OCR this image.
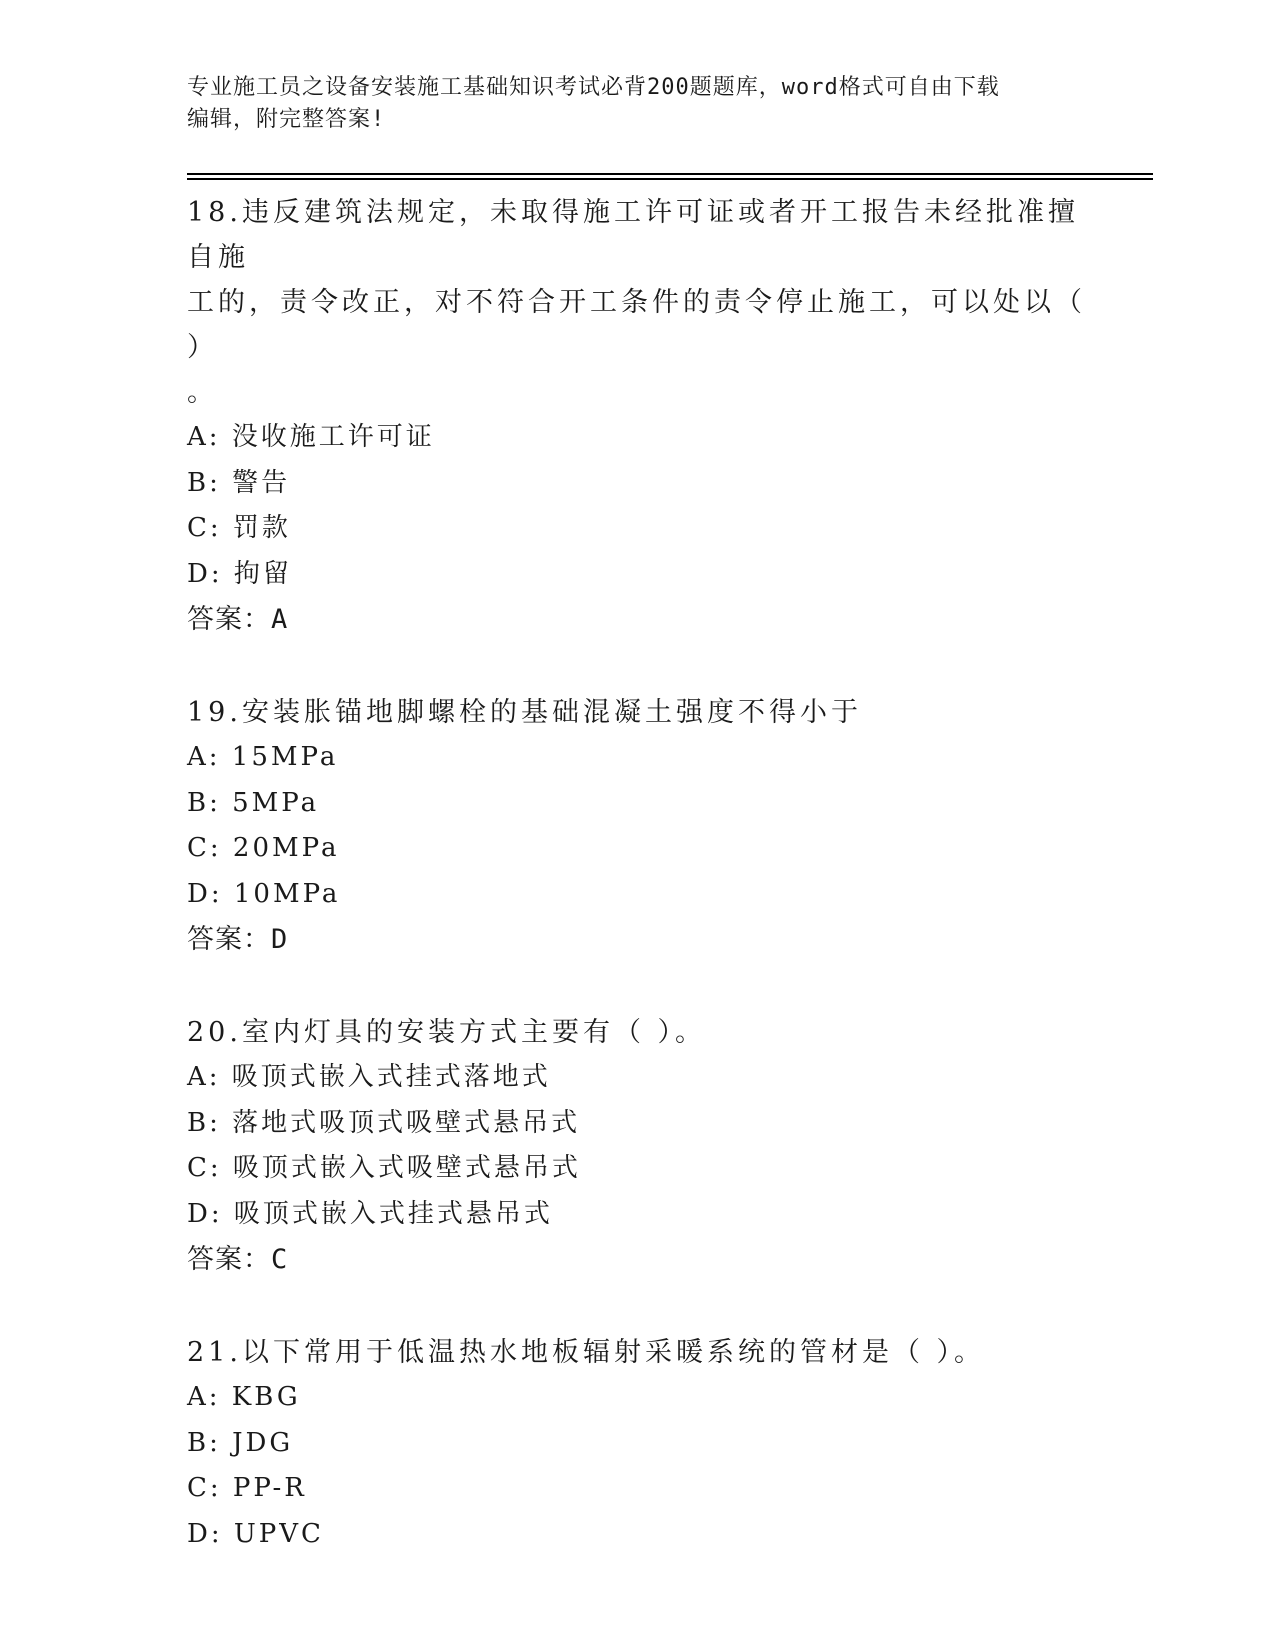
专业施工员之设备安装施工基础知识考试必背200题题库，word格式可自由下载
编辑，附完整答案!
18.违反建筑法规定，未取得施工许可证或者开工报告未经批准擅自施
工的，责令改正，对不符合开工条件的责令停止施工，可以处以（ ）
。
A: 没收施工许可证
B: 警告
C: 罚款
D: 拘留
答案：A
19.安装胀锚地脚螺栓的基础混凝土强度不得小于
A: 15MPa
B: 5MPa
C: 20MPa
D: 10MPa
答案：D
20.室内灯具的安装方式主要有（ ）。
A: 吸顶式嵌入式挂式落地式
B: 落地式吸顶式吸壁式悬吊式
C: 吸顶式嵌入式吸壁式悬吊式
D: 吸顶式嵌入式挂式悬吊式
答案：C
21.以下常用于低温热水地板辐射采暖系统的管材是（ ）。
A: KBG
B: JDG
C: PP-R
D: UPVC
